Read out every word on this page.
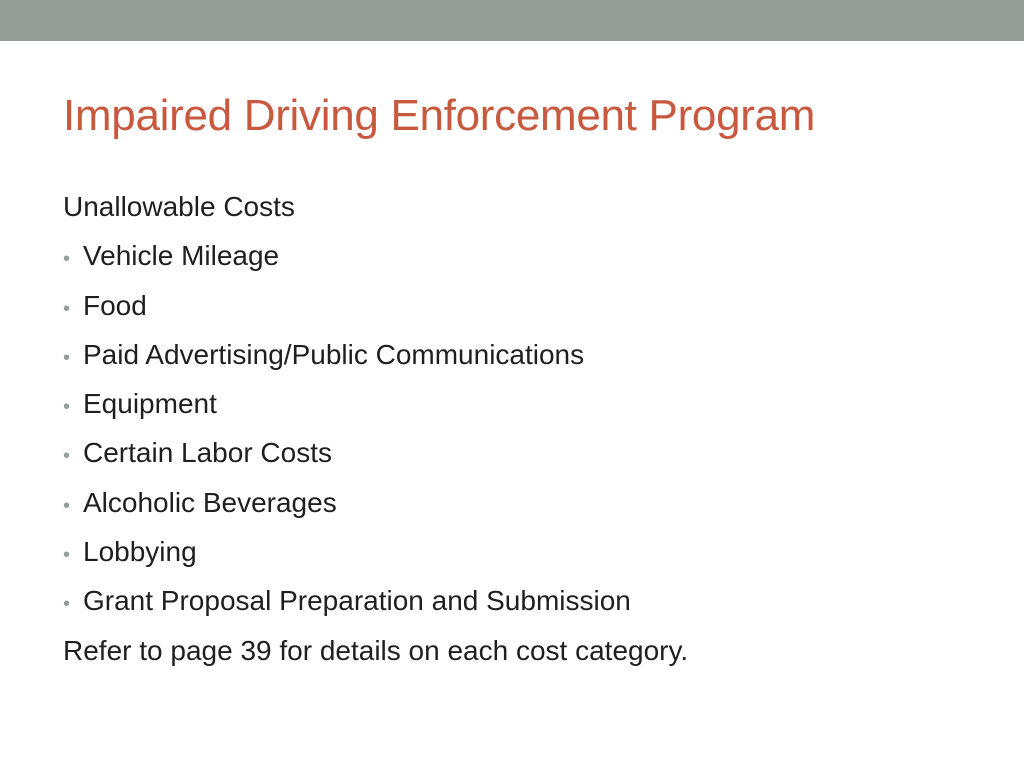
Impaired Driving Enforcement Program
Unallowable Costs
• Vehicle Mileage
• Food
• Paid Advertising/Public Communications
• Equipment
• Certain Labor Costs
• Alcoholic Beverages
• Lobbying
• Grant Proposal Preparation and Submission
Refer to page 39 for details on each cost category.
